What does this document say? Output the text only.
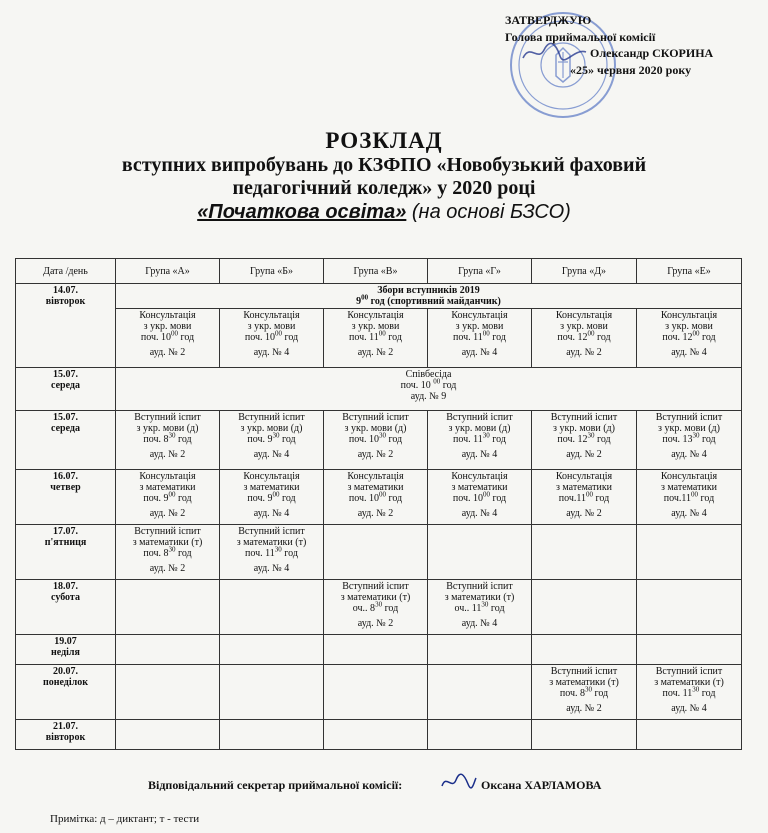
ЗАТВЕРДЖУЮ
Голова приймальної комісії
Олександр СКОРИНА
«25» червня 2020 року
РОЗКЛАД
вступних випробувань до КЗФПО «Новобузький фаховий
педагогічний коледж» у 2020 році
«Початкова освіта» (на основі БЗСО)
Дата /день	Група «А»	Група «Б»	Група «В»	Група «Г»	Група «Д»	Група «Е»

14.07.
вівторок	Збори вступників 2019
$9^{00}$ год (спортивний майданчик)					

	Консультація
з укр. мови
поч. $10^{00}$ год
ауд. № 2	Консультація
з укр. мови
поч. $10^{00}$ год
ауд. № 4	Консультація
з укр. мови
поч. $11^{00}$ год
ауд. № 2	Консультація
з укр. мови
поч. $11^{00}$ год
ауд. № 4	Консультація
з укр. мови
поч. $12^{00}$ год
ауд. № 2	Консультація
з укр. мови
поч. $12^{00}$ год
ауд. № 4

15.07.
середа	Співбесіда
поч. 10 $^{00}$ год
ауд. № 9					

15.07.
середа	Вступний іспит
з укр. мови (д)
поч. $8^{30}$ год
ауд. № 2	Вступний іспит
з укр. мови (д)
поч. $9^{30}$ год
ауд. № 4	Вступний іспит
з укр. мови (д)
поч. $10^{30}$ год
ауд. № 2	Вступний іспит
з укр. мови (д)
поч. $11^{30}$ год
ауд. № 4	Вступний іспит
з укр. мови (д)
поч. $12^{30}$ год
ауд. № 2	Вступний іспит
з укр. мови (д)
поч. $13^{30}$ год
ауд. № 4

16.07.
четвер	Консультація
з математики
поч. $9^{00}$ год
ауд. № 2	Консультація
з математики
поч. $9^{00}$ год
ауд. № 4	Консультація
з математики
поч. $10^{00}$ год
ауд. № 2	Консультація
з математики
поч. $10^{00}$ год
ауд. № 4	Консультація
з математики
$поч.11^{00}$ год
ауд. № 2	Консультація
з математики
$поч.11^{00}$ год
ауд. № 4

17.07.
п'ятниця	Вступний іспит
з математики (т)
поч. $8^{30}$ год
ауд. № 2	Вступний іспит
з математики (т)
поч. $11^{30}$ год
ауд. № 4				

18.07.
субота			Вступний іспит
з математики (т)
оч.. $8^{30}$ год
ауд. № 2	Вступний іспит
з математики (т)
оч.. $11^{30}$ год
ауд. № 4		

19.07
неділя						

20.07.
понеділок					Вступний іспит
з математики (т)
поч. $8^{30}$ год
ауд. № 2	Вступний іспит
з математики (т)
поч. $11^{30}$ год
ауд. № 4

21.07.
вівторок						

Відповідальний секретар приймальної комісії:	Оксана ХАРЛАМОВА
Примітка: д – диктант; т - тести
